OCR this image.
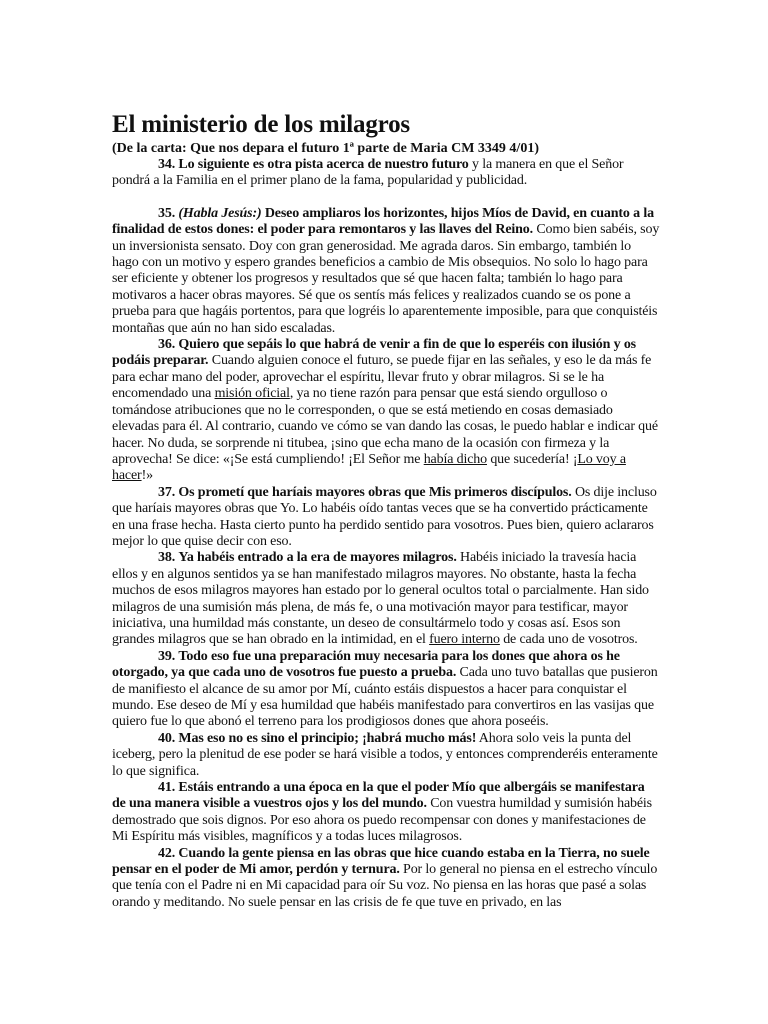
El ministerio de los milagros

(De la carta: Que nos depara el futuro 1ª parte de Maria CM 3349 4/01)

34. Lo siguiente es otra pista acerca de nuestro futuro y la manera en que el Señor pondrá a la Familia en el primer plano de la fama, popularidad y publicidad.

35. (Habla Jesús:) Deseo ampliaros los horizontes, hijos Míos de David, en cuanto a la finalidad de estos dones: el poder para remontaros y las llaves del Reino. Como bien sabéis, soy un inversionista sensato. Doy con gran generosidad. Me agrada daros. Sin embargo, también lo hago con un motivo y espero grandes beneficios a cambio de Mis obsequios. No solo lo hago para ser eficiente y obtener los progresos y resultados que sé que hacen falta; también lo hago para motivaros a hacer obras mayores. Sé que os sentís más felices y realizados cuando se os pone a prueba para que hagáis portentos, para que logréis lo aparentemente imposible, para que conquistéis montañas que aún no han sido escaladas.

36. Quiero que sepáis lo que habrá de venir a fin de que lo esperéis con ilusión y os podáis preparar. Cuando alguien conoce el futuro, se puede fijar en las señales, y eso le da más fe para echar mano del poder, aprovechar el espíritu, llevar fruto y obrar milagros. Si se le ha encomendado una misión oficial, ya no tiene razón para pensar que está siendo orgulloso o tomándose atribuciones que no le corresponden, o que se está metiendo en cosas demasiado elevadas para él. Al contrario, cuando ve cómo se van dando las cosas, le puedo hablar e indicar qué hacer. No duda, se sorprende ni titubea, ¡sino que echa mano de la ocasión con firmeza y la aprovecha! Se dice: «¡Se está cumpliendo! ¡El Señor me había dicho que sucedería! ¡Lo voy a hacer!»

37. Os prometí que haríais mayores obras que Mis primeros discípulos. Os dije incluso que haríais mayores obras que Yo. Lo habéis oído tantas veces que se ha convertido prácticamente en una frase hecha. Hasta cierto punto ha perdido sentido para vosotros. Pues bien, quiero aclararos mejor lo que quise decir con eso.

38. Ya habéis entrado a la era de mayores milagros. Habéis iniciado la travesía hacia ellos y en algunos sentidos ya se han manifestado milagros mayores. No obstante, hasta la fecha muchos de esos milagros mayores han estado por lo general ocultos total o parcialmente. Han sido milagros de una sumisión más plena, de más fe, o una motivación mayor para testificar, mayor iniciativa, una humildad más constante, un deseo de consultármelo todo y cosas así. Esos son grandes milagros que se han obrado en la intimidad, en el fuero interno de cada uno de vosotros.

39. Todo eso fue una preparación muy necesaria para los dones que ahora os he otorgado, ya que cada uno de vosotros fue puesto a prueba. Cada uno tuvo batallas que pusieron de manifiesto el alcance de su amor por Mí, cuánto estáis dispuestos a hacer para conquistar el mundo. Ese deseo de Mí y esa humildad que habéis manifestado para convertiros en las vasijas que quiero fue lo que abonó el terreno para los prodigiosos dones que ahora poseéis.

40. Mas eso no es sino el principio; ¡habrá mucho más! Ahora solo veis la punta del iceberg, pero la plenitud de ese poder se hará visible a todos, y entonces comprenderéis enteramente lo que significa.

41. Estáis entrando a una época en la que el poder Mío que albergáis se manifestara de una manera visible a vuestros ojos y los del mundo. Con vuestra humildad y sumisión habéis demostrado que sois dignos. Por eso ahora os puedo recompensar con dones y manifestaciones de Mi Espíritu más visibles, magníficos y a todas luces milagrosos.

42. Cuando la gente piensa en las obras que hice cuando estaba en la Tierra, no suele pensar en el poder de Mi amor, perdón y ternura. Por lo general no piensa en el estrecho vínculo que tenía con el Padre ni en Mi capacidad para oír Su voz. No piensa en las horas que pasé a solas orando y meditando. No suele pensar en las crisis de fe que tuve en privado, en las
